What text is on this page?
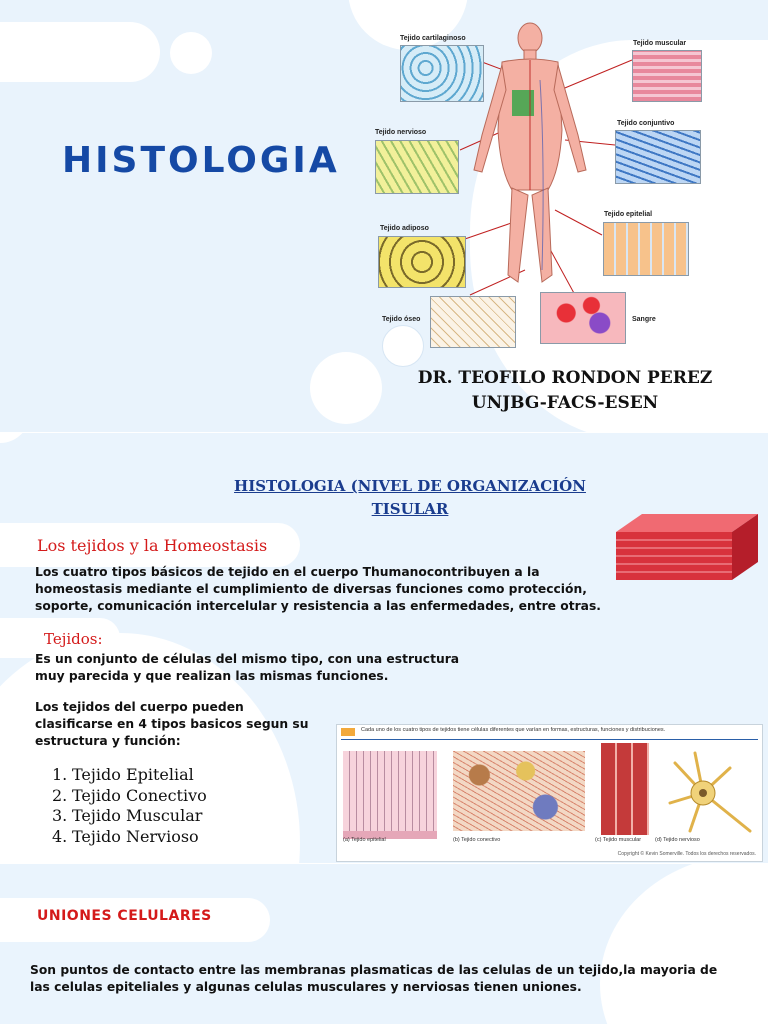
HISTOLOGIA
Tejido cartilaginoso
Tejido muscular
Tejido nervioso
Tejido conjuntivo
Tejido adiposo
Tejido epitelial
Tejido óseo	Sangre
DR. TEOFILO RONDON PEREZ
UNJBG-FACS-ESEN
HISTOLOGIA (NIVEL DE ORGANIZACIÓN
TISULAR
Los tejidos y la Homeostasis
Los cuatro tipos básicos de tejido en el cuerpo Thumanocontribuyen a la homeostasis mediante el cumplimiento de diversas funciones como protección, soporte, comunicación intercelular y resistencia a las enfermedades, entre otras.
Tejidos:
Es un conjunto de células del mismo tipo, con una estructura muy parecida y que realizan las mismas funciones.
Los tejidos del cuerpo pueden clasificarse en 4 tipos basicos segun su estructura y función:
1. Tejido Epitelial
2. Tejido Conectivo
3. Tejido Muscular
4. Tejido Nervioso
Cada uno de los cuatro tipos de tejidos tiene células diferentes que varían en formas, estructuras, funciones y distribuciones.
(a) Tejido epitelial	(b) Tejido conectivo	(c) Tejido muscular	(d) Tejido nervioso
Copyright © Kevin Somerville. Todos los derechos reservados.
UNIONES CELULARES
Son puntos de contacto entre las membranas plasmaticas de las celulas de un tejido,la mayoria de las celulas epiteliales y algunas celulas musculares y nerviosas tienen uniones.
